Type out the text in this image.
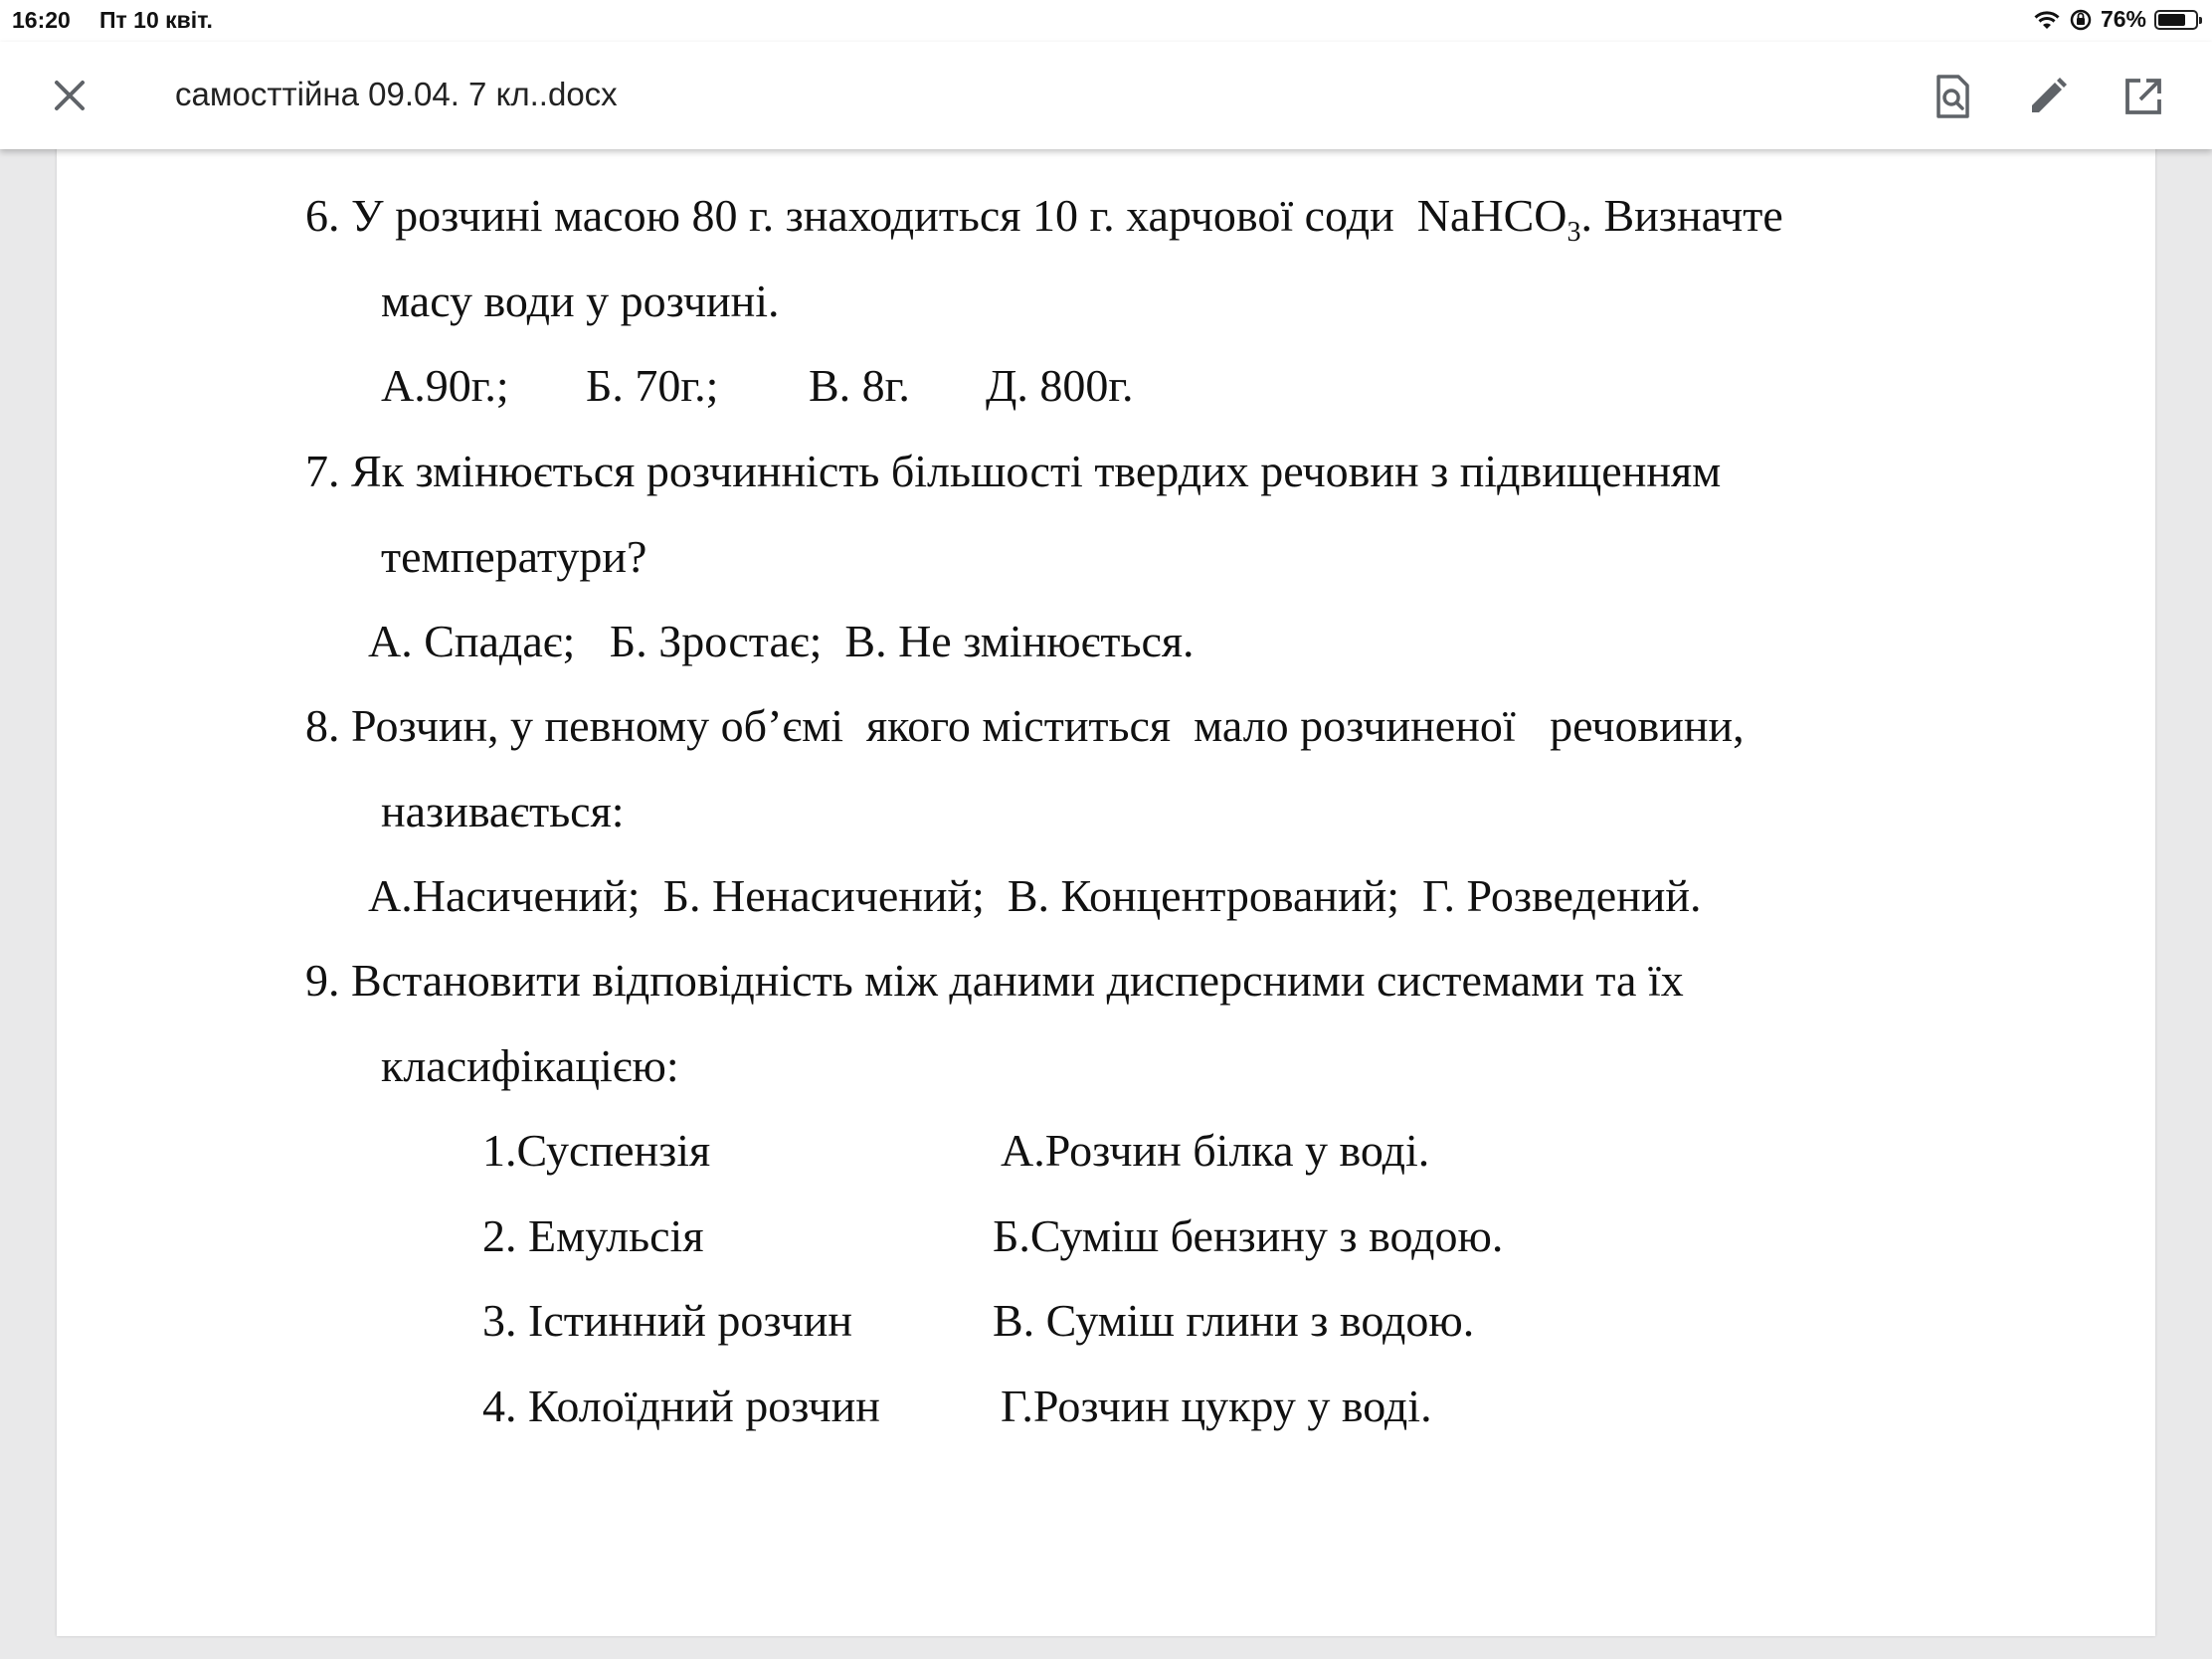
16:20 Пт 10 квіт.	76%
самосттійна 09.04. 7 кл..docx
6. У розчині масою 80 г. знаходиться 10 г. харчової соди  NaHCO$_3$. Визначте
масу води у розчині.
А.90г.; Б. 70г.; В. 8г. Д. 800г.
7. Як змінюється розчинність більшості твердих речовин з підвищенням
температури?
А. Спадає;   Б. Зростає;  В. Не змінюється.
8. Розчин, у певному об’ємі  якого міститься  мало розчиненої   речовини,
називається:
А.Насичений;  Б. Ненасичений;  В. Концентрований;  Г. Розведений.
9. Встановити відповідність між даними дисперсними системами та їх
класифікацією:
1.Суспензія
2. Емульсія
3. Істинний розчин
4. Колоїдний розчин
А.Розчин білка у воді.
Б.Суміш бензину з водою.
В. Суміш глини з водою.
Г.Розчин цукру у воді.
